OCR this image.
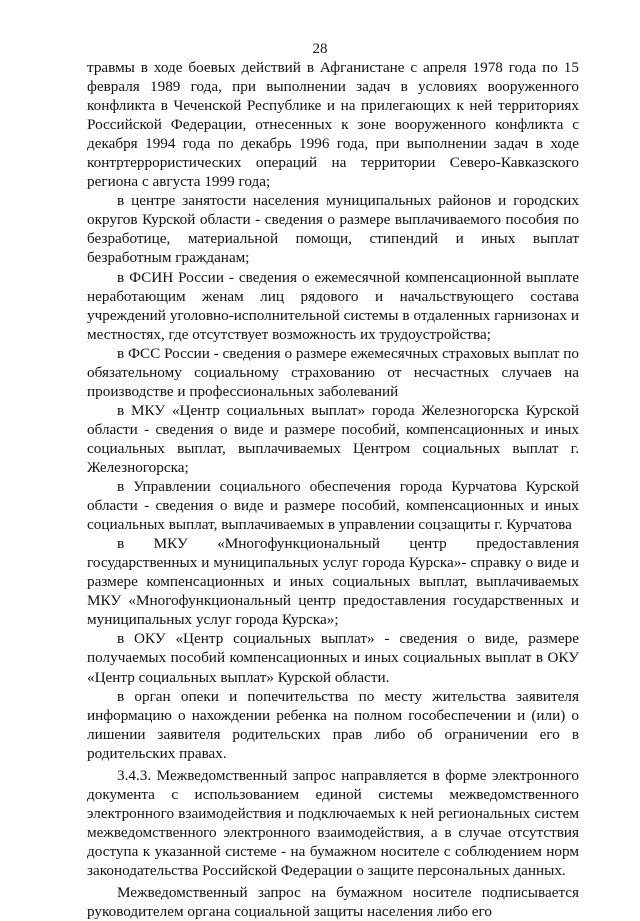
28

травмы в ходе боевых действий в Афганистане с апреля 1978 года по 15 февраля 1989 года, при выполнении задач в условиях вооруженного конфликта в Чеченской Республике и на прилегающих к ней территориях Российской Федерации, отнесенных к зоне вооруженного конфликта с декабря 1994 года по декабрь 1996 года, при выполнении задач в ходе контртеррористических операций на территории Северо-Кавказского региона с августа 1999 года;

в центре занятости населения муниципальных районов и городских округов Курской области - сведения о размере выплачиваемого пособия по безработице, материальной помощи, стипендий и иных выплат безработным гражданам;

в ФСИН России - сведения о ежемесячной компенсационной выплате неработающим женам лиц рядового и начальствующего состава учреждений уголовно-исполнительной системы в отдаленных гарнизонах и местностях, где отсутствует возможность их трудоустройства;

в ФСС России - сведения о размере ежемесячных страховых выплат по обязательному социальному страхованию от несчастных случаев на производстве и профессиональных заболеваний

в МКУ «Центр социальных выплат» города Железногорска Курской области - сведения о виде и размере пособий, компенсационных и иных социальных выплат, выплачиваемых Центром социальных выплат г. Железногорска;

в Управлении социального обеспечения города Курчатова Курской области - сведения о виде и размере пособий, компенсационных и иных социальных выплат, выплачиваемых в управлении соцзащиты г. Курчатова

в МКУ «Многофункциональный центр предоставления государственных и муниципальных услуг города Курска»- справку о виде и размере компенсационных и иных социальных выплат, выплачиваемых МКУ «Многофункциональный центр предоставления государственных и муниципальных услуг города Курска»;

в ОКУ «Центр социальных выплат» - сведения о виде, размере получаемых пособий компенсационных и иных социальных выплат в ОКУ «Центр социальных выплат» Курской области.

в орган опеки и попечительства по месту жительства заявителя информацию о нахождении ребенка на полном гособеспечении и (или) о лишении заявителя родительских прав либо об ограничении его в родительских правах.

3.4.3. Межведомственный запрос направляется в форме электронного документа с использованием единой системы межведомственного электронного взаимодействия и подключаемых к ней региональных систем межведомственного электронного взаимодействия, а в случае отсутствия доступа к указанной системе - на бумажном носителе с соблюдением норм законодательства Российской Федерации о защите персональных данных.

Межведомственный запрос на бумажном носителе подписывается руководителем органа социальной защиты населения либо его
